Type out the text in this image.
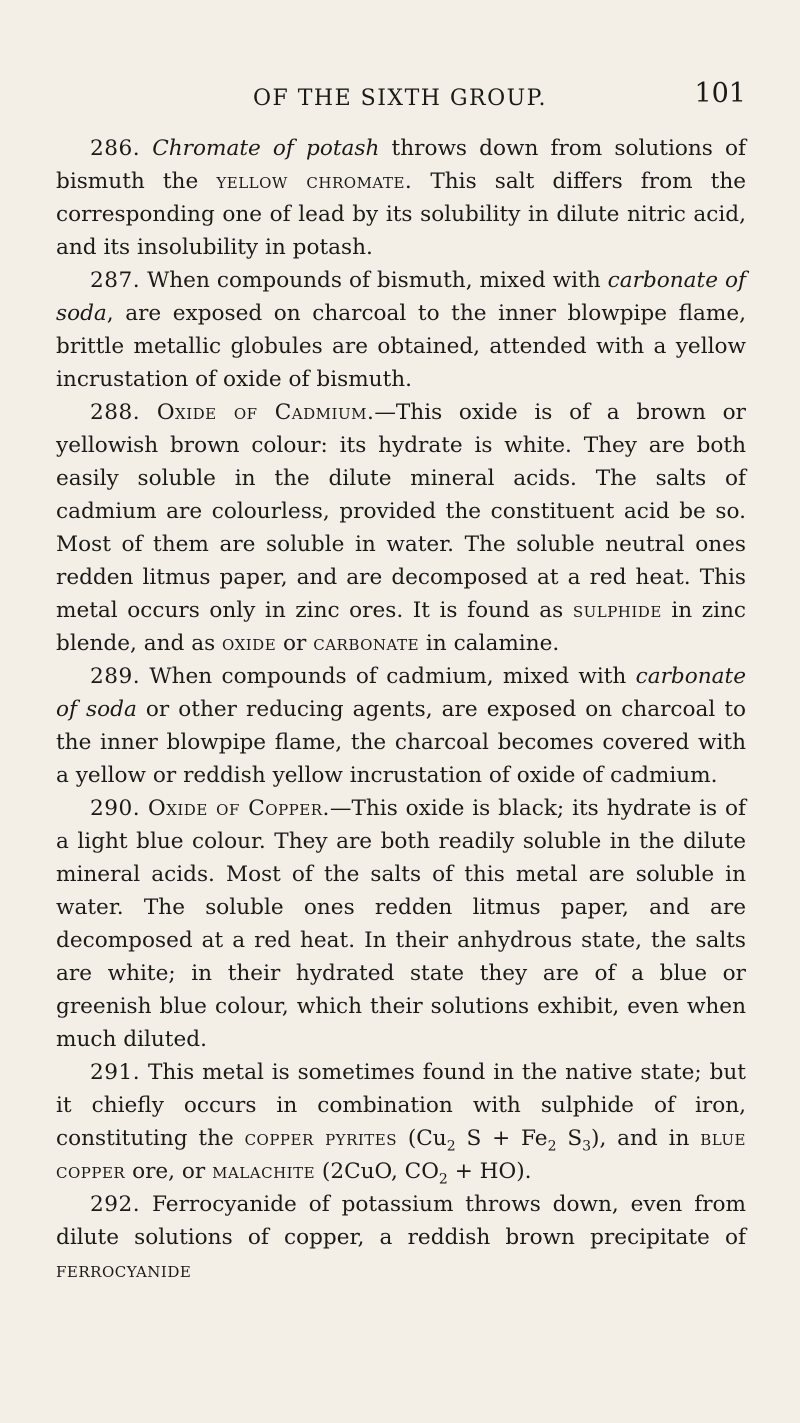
OF THE SIXTH GROUP.	101

286. Chromate of potash throws down from solutions of bismuth the yellow chromate. This salt differs from the corresponding one of lead by its solubility in dilute nitric acid, and its insolubility in potash.

287. When compounds of bismuth, mixed with carbonate of soda, are exposed on charcoal to the inner blowpipe flame, brittle metallic globules are obtained, attended with a yellow incrustation of oxide of bismuth.

288. Oxide of Cadmium.—This oxide is of a brown or yellowish brown colour: its hydrate is white. They are both easily soluble in the dilute mineral acids. The salts of cadmium are colourless, provided the constituent acid be so. Most of them are soluble in water. The soluble neutral ones redden litmus paper, and are decomposed at a red heat. This metal occurs only in zinc ores. It is found as sulphide in zinc blende, and as oxide or carbonate in calamine.

289. When compounds of cadmium, mixed with carbonate of soda or other reducing agents, are exposed on charcoal to the inner blowpipe flame, the charcoal becomes covered with a yellow or reddish yellow incrustation of oxide of cadmium.

290. Oxide of Copper.—This oxide is black; its hydrate is of a light blue colour. They are both readily soluble in the dilute mineral acids. Most of the salts of this metal are soluble in water. The soluble ones redden litmus paper, and are decomposed at a red heat. In their anhydrous state, the salts are white; in their hydrated state they are of a blue or greenish blue colour, which their solutions exhibit, even when much diluted.

291. This metal is sometimes found in the native state; but it chiefly occurs in combination with sulphide of iron, constituting the copper pyrites ($Cu_2$ $S + Fe_2$ $S_3$), and in blue copper ore, or malachite (2CuO, $CO_2 + HO$).

292. Ferrocyanide of potassium throws down, even from dilute solutions of copper, a reddish brown precipitate of ferrocyanide
